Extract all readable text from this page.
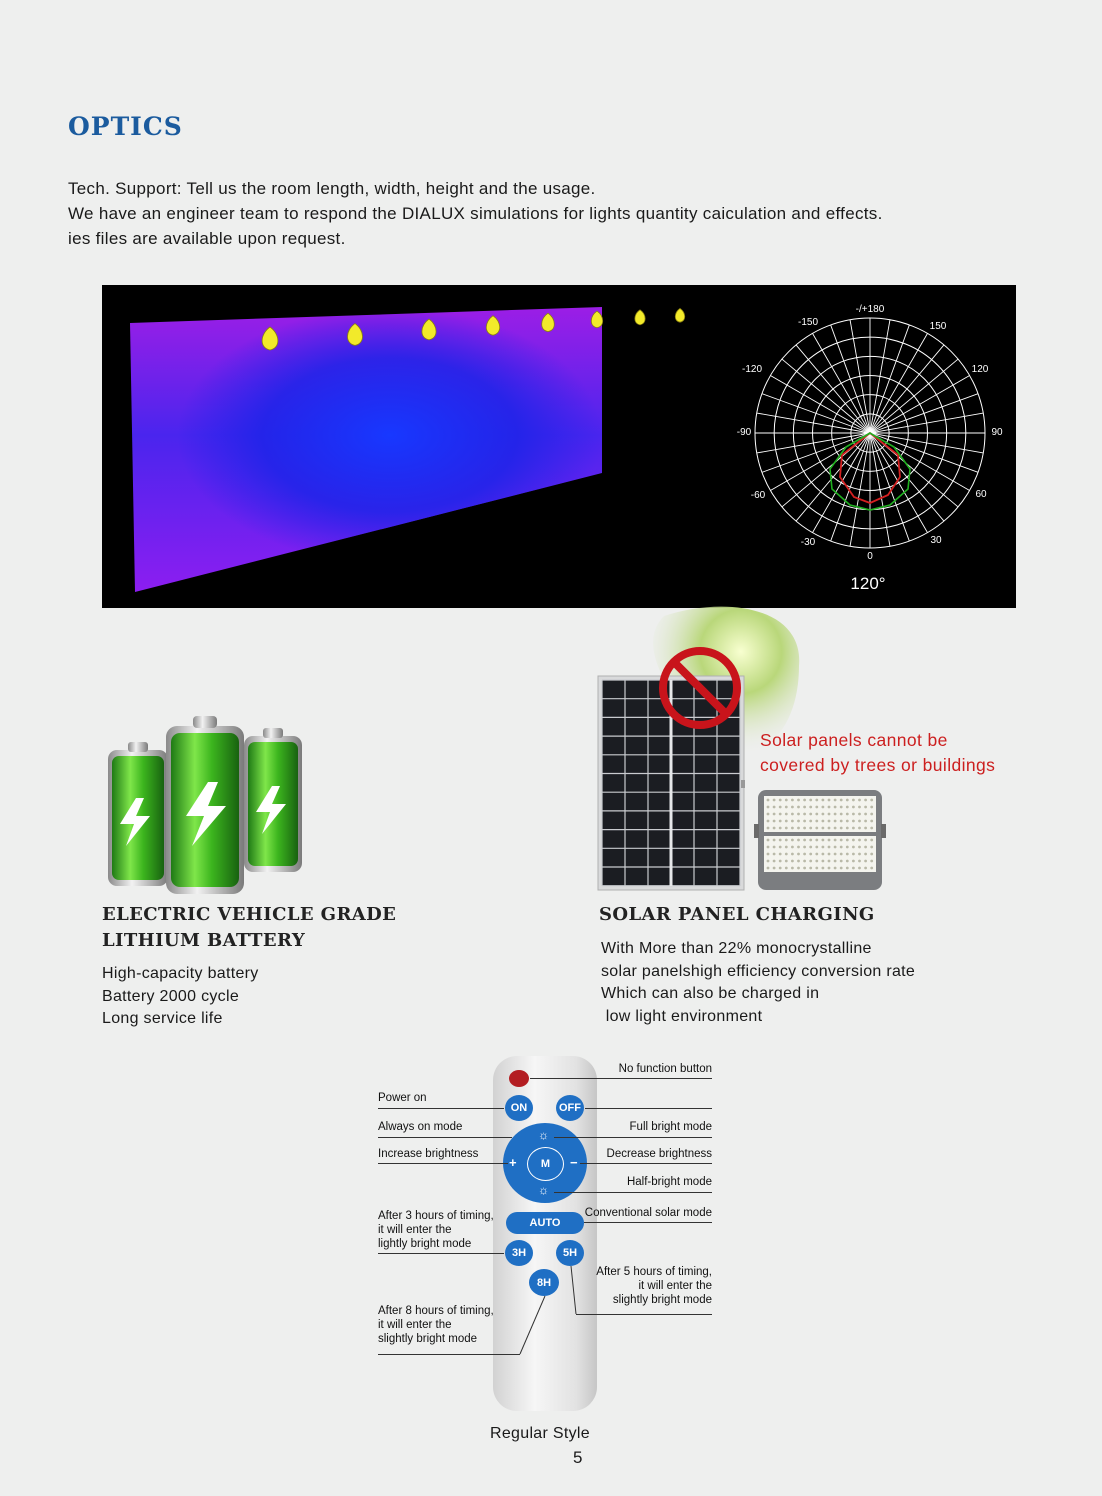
OPTICS
Tech. Support: Tell us the room length, width, height and the usage.
We have an engineer team to respond the DIALUX simulations for lights quantity caiculation and effects.
ies files are available upon request.
-/+180
-150	150
-120	120
-90	90
-60	60
-30	30
0
120°
ELECTRIC VEHICLE GRADE
LITHIUM BATTERY
High-capacity battery
Battery 2000 cycle
Long service life
Solar panels cannot be
covered by trees or buildings
SOLAR PANEL CHARGING
With More than 22% monocrystalline
solar panelshigh efficiency conversion rate
Which can also be charged in
low light environment
ON	OFF
M
+	−
☼
☼
AUTO
3H	5H
8H
No function button
Power on
Always on mode	Full bright mode
Increase brightness	Decrease brightness
Half-bright mode
Conventional solar mode
After 3 hours of timing,
it will enter the
lightly bright mode
After 5 hours of timing,
it will enter the
slightly bright mode
After 8 hours of timing,
it will enter the
slightly bright mode
Regular Style
5
